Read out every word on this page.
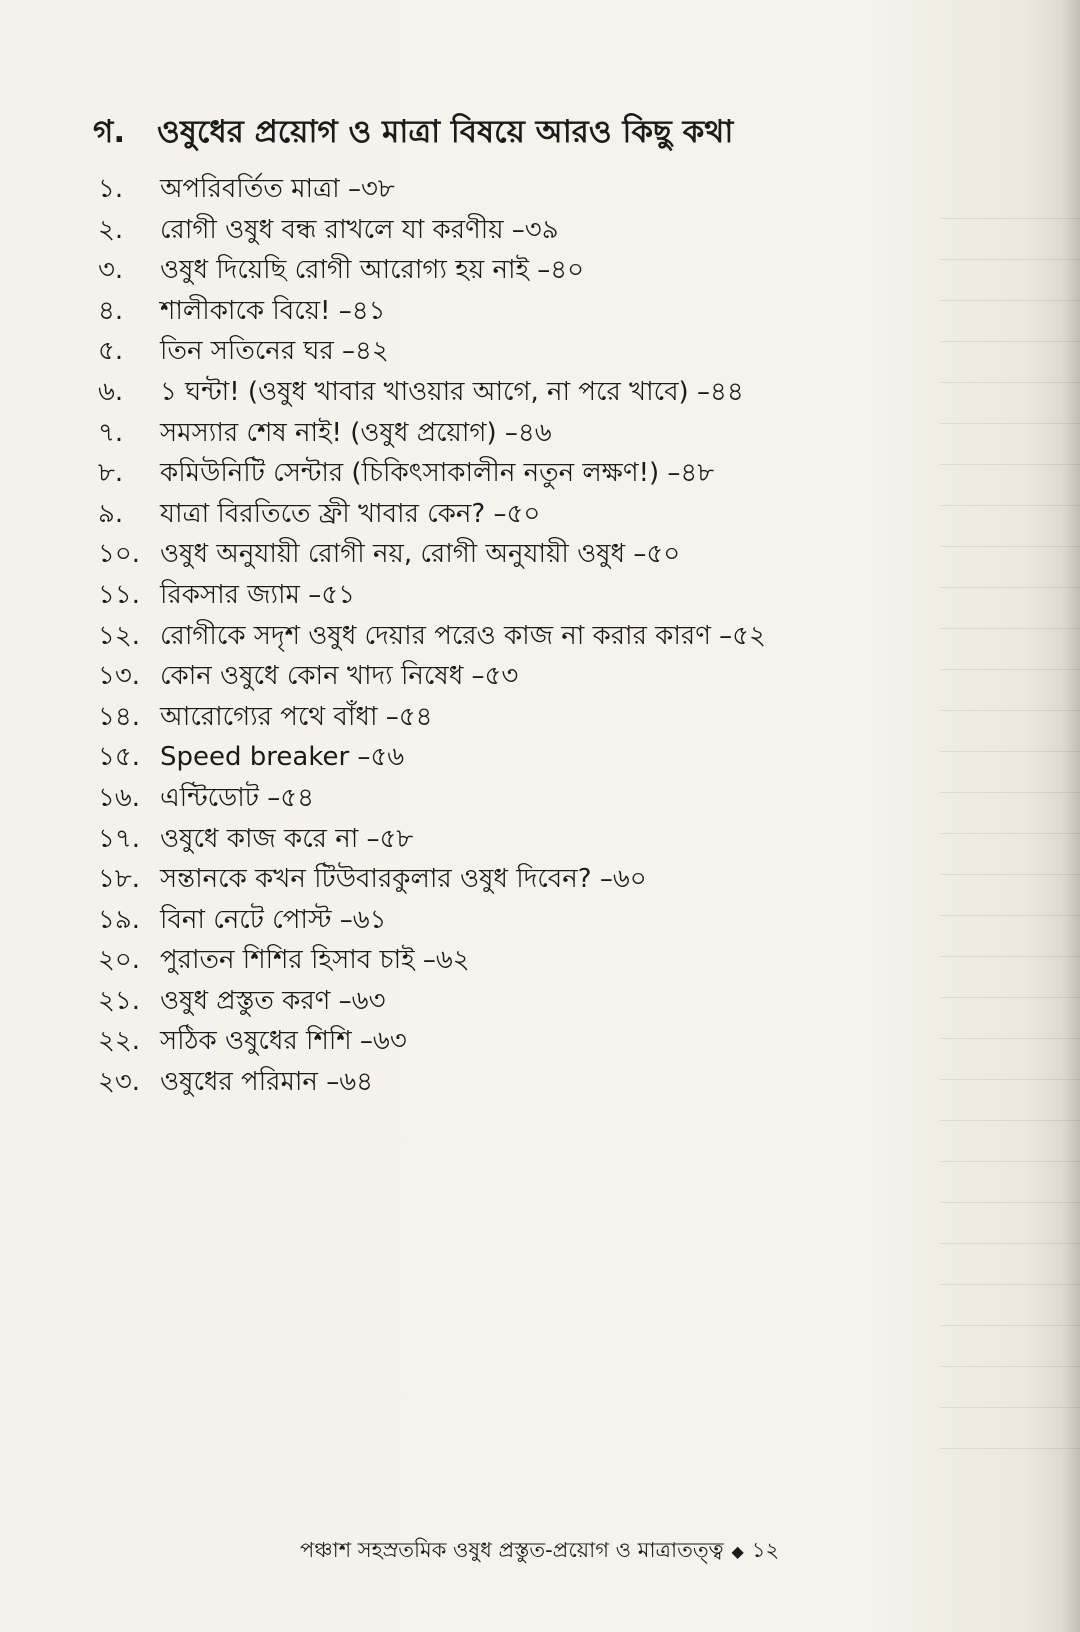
গ.	ওষুধের প্রয়োগ ও মাত্রা বিষয়ে আরও কিছু কথা
১.	অপরিবর্তিত মাত্রা –৩৮
২.	রোগী ওষুধ বন্ধ রাখলে যা করণীয় –৩৯
৩.	ওষুধ দিয়েছি রোগী আরোগ্য হয় নাই –৪০
৪.	শালীকাকে বিয়ে! –৪১
৫.	তিন সতিনের ঘর –৪২
৬.	১ ঘন্টা! (ওষুধ খাবার খাওয়ার আগে, না পরে খাবে) –৪৪
৭.	সমস্যার শেষ নাই! (ওষুধ প্রয়োগ) –৪৬
৮.	কমিউনিটি সেন্টার (চিকিৎসাকালীন নতুন লক্ষণ!) –৪৮
৯.	যাত্রা বিরতিতে ফ্রী খাবার কেন? –৫০
১০. ওষুধ অনুযায়ী রোগী নয়, রোগী অনুযায়ী ওষুধ –৫০
১১. রিকসার জ্যাম –৫১
১২. রোগীকে সদৃশ ওষুধ দেয়ার পরেও কাজ না করার কারণ –৫২
১৩. কোন ওষুধে কোন খাদ্য নিষেধ –৫৩
১৪. আরোগ্যের পথে বাঁধা –৫৪
১৫. Speed breaker –৫৬
১৬. এন্টিডোট –৫৪
১৭. ওষুধে কাজ করে না –৫৮
১৮. সন্তানকে কখন টিউবারকুলার ওষুধ দিবেন? –৬০
১৯. বিনা নেটে পোস্ট –৬১
২০. পুরাতন শিশির হিসাব চাই –৬২
২১. ওষুধ প্রস্তুত করণ –৬৩
২২. সঠিক ওষুধের শিশি –৬৩
২৩. ওষুধের পরিমান –৬৪
পঞ্চাশ সহস্রতমিক ওষুধ প্রস্তুত-প্রয়োগ ও মাত্রাতত্ত্ব ◆ ১২
